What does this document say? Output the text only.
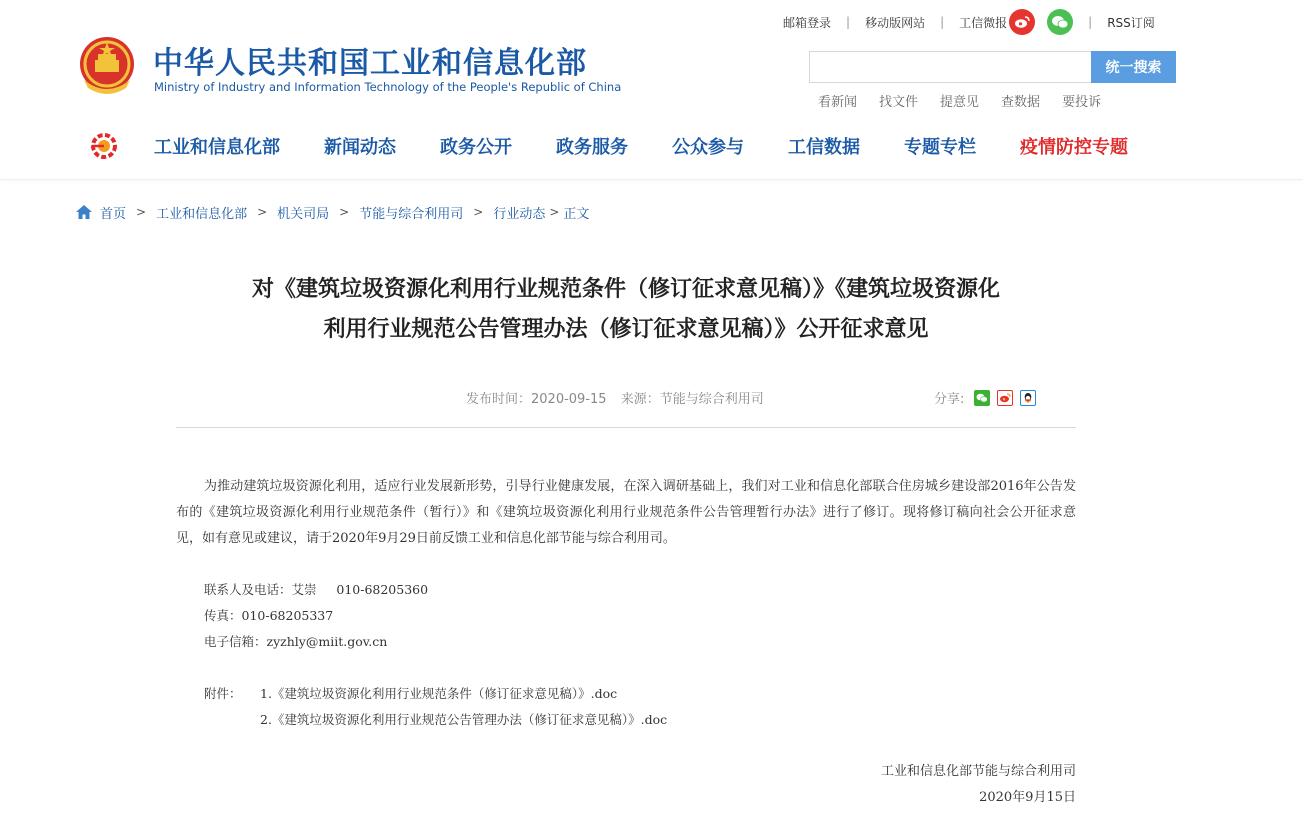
中华人民共和国工业和信息化部
Ministry of Industry and Information Technology of the People's Republic of China
邮箱登录 | 移动版网站 | 工信微报	| RSS订阅
统一搜索
看新闻 找文件 提意见 查数据 要投诉
工业和信息化部 新闻动态 政务公开 政务服务 公众参与 工信数据 专题专栏 疫情防控专题
首页 > 工业和信息化部 > 机关司局 > 节能与综合利用司 > 行业动态 > 正文
对《建筑垃圾资源化利用行业规范条件（修订征求意见稿）》《建筑垃圾资源化
利用行业规范公告管理办法（修订征求意见稿）》公开征求意见
发布时间：2020-09-15 来源：节能与综合利用司	分享:

为推动建筑垃圾资源化利用，适应行业发展新形势，引导行业健康发展，在深入调研基础上，我们对工业和信息化部联合住房城乡建设部2016年公告发布的《建筑垃圾资源化利用行业规范条件（暂行）》和《建筑垃圾资源化利用行业规范条件公告管理暂行办法》进行了修订。现将修订稿向社会公开征求意见，如有意见或建议，请于2020年9月29日前反馈工业和信息化部节能与综合利用司。

联系人及电话：艾崇     010-68205360
传真：010-68205337
电子信箱：zyzhly@miit.gov.cn
附件：	1.《建筑垃圾资源化利用行业规范条件（修订征求意见稿）》.doc
2.《建筑垃圾资源化利用行业规范公告管理办法（修订征求意见稿）》.doc
工业和信息化部节能与综合利用司
2020年9月15日
